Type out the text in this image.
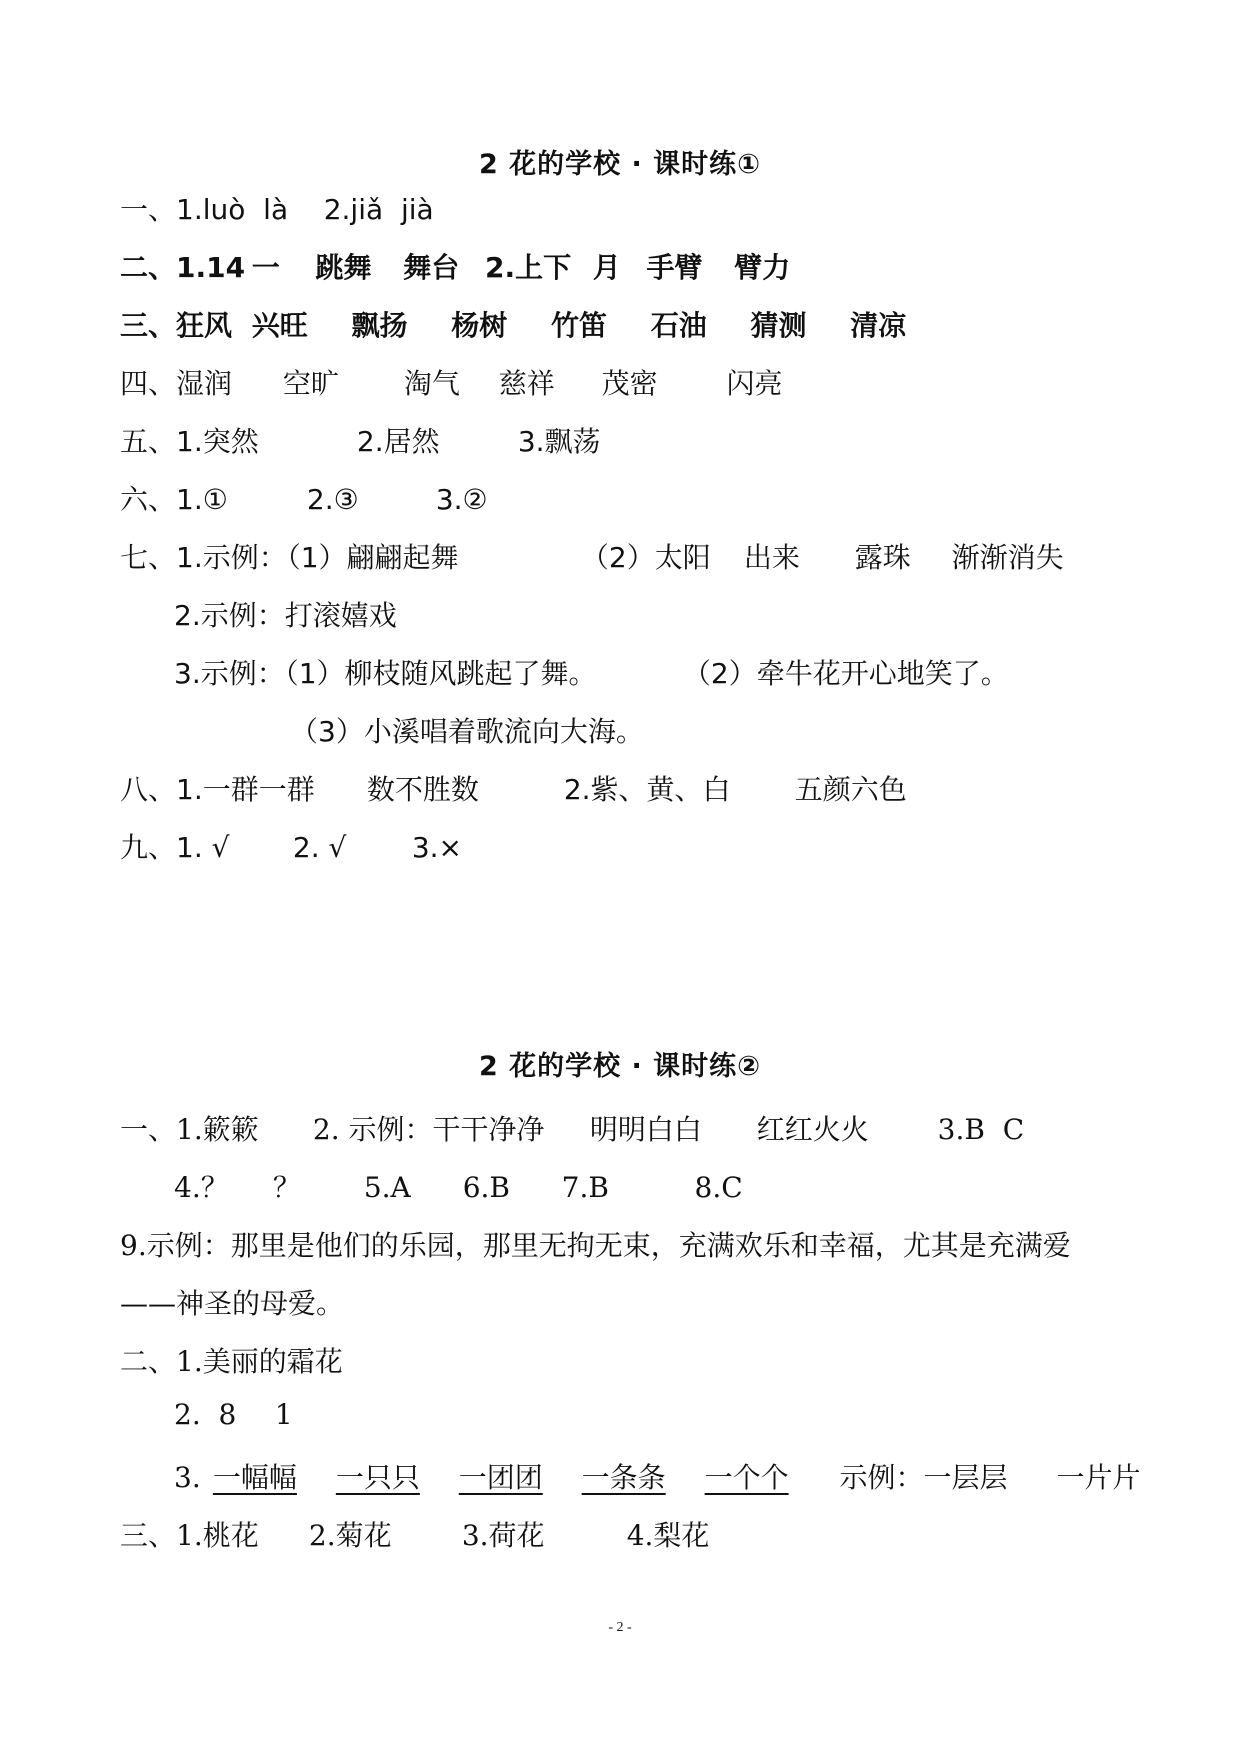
2 花的学校 · 课时练①
一、1.luò  là    2.jiǎ  jià
二、1.14 一 跳舞 舞台 2.上下 月 手臂 臂力
三、狂风 兴旺 飘扬 杨树 竹笛 石油 猜测 清凉
四、湿润 空旷 淘气 慈祥 茂密 闪亮
五、1.突然	2.居然	3.飘荡
六、1.①	2.③	3.②
七、1.示例：（1）翩翩起舞	（2）太阳 出来 露珠 渐渐消失
2.示例：打滚嬉戏
3.示例：（1）柳枝随风跳起了舞。	（2）牵牛花开心地笑了。
（3）小溪唱着歌流向大海。
八、1.一群一群 数不胜数	2.紫、黄、白 五颜六色
九、1. √ 2. √ 3.×
2 花的学校 · 课时练②
一、1.簌簌 2. 示例：干干净净 明明白白 红红火火 3.B  C
4.？ ？ 5.A 6.B 7.B	8.C
9.示例：那里是他们的乐园，那里无拘无束，充满欢乐和幸福，尤其是充满爱
——神圣的母爱。
二、1.美丽的霜花
2.  8 1
3. 一幅幅 一只只 一团团 一条条 一个个 示例：一层层 一片片
三、1.桃花 2.菊花	3.荷花	4.梨花
- 2 -
